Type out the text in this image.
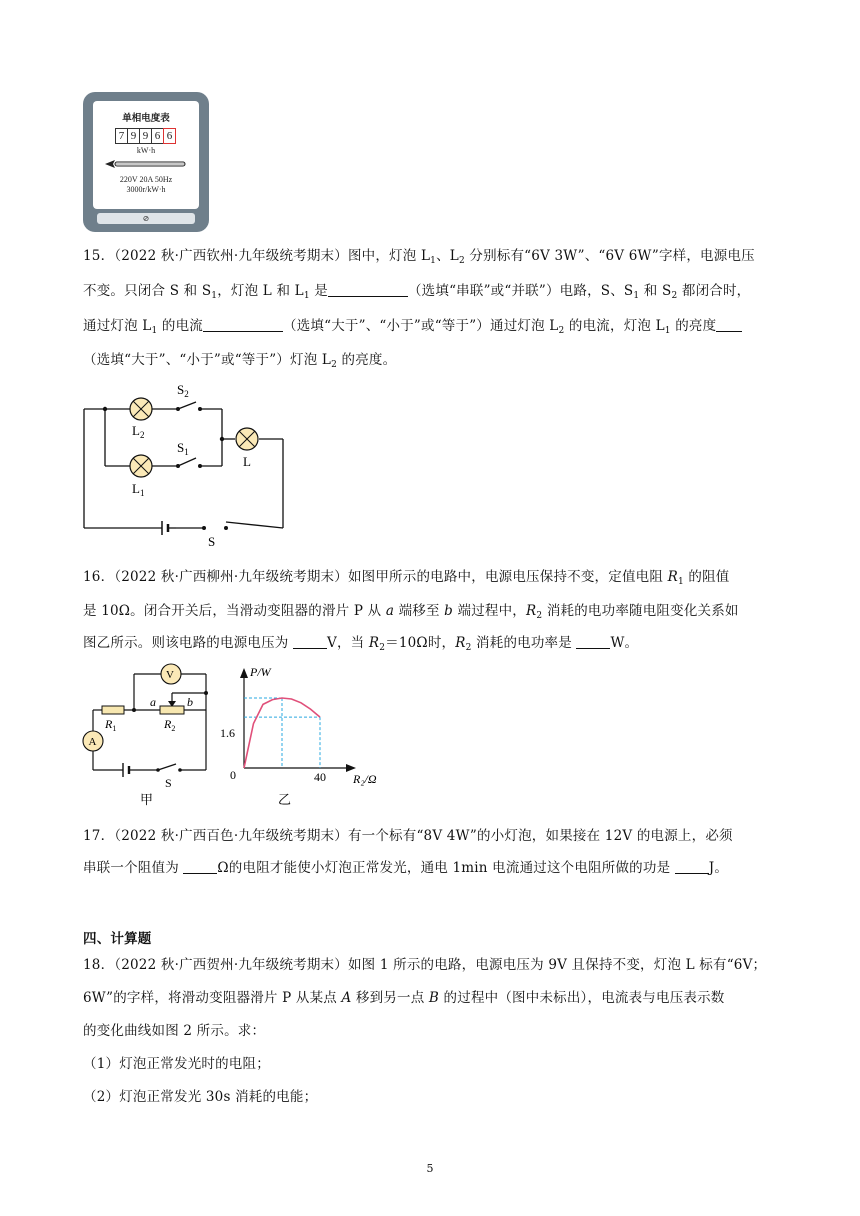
单相电度表
7 9 9 6 6
kW·h
220V 20A 50Hz
3000r/kW·h
⊘
15．（2022 秋·广西钦州·九年级统考期末）图中，灯泡 $L_1$、$L_2$ 分别标有“6V 3W”、“6V 6W”字样，电源电压
不变。只闭合 S 和 $S_1$，灯泡 L 和 $L_1$ 是	（选填“串联”或“并联”）电路，S、$S_1$ 和 $S_2$ 都闭合时，
通过灯泡 $L_1$ 的电流	（选填“大于”、“小于”或“等于”）通过灯泡 $L_2$ 的电流，灯泡 $L_1$ 的亮度
（选填“大于”、“小于”或“等于”）灯泡 $L_2$ 的亮度。
$S_2$
$S_1$
$L_2$
$L_1$
L
S
16．（2022 秋·广西柳州·九年级统考期末）如图甲所示的电路中，电源电压保持不变，定值电阻 $R_1$ 的阻值
是 10Ω。闭合开关后，当滑动变阻器的滑片 P 从 a 端移至 b 端过程中，$R_2$ 消耗的电功率随电阻变化关系如
图乙所示。则该电路的电源电压为	V，当 $R_2=10\Omega$时，$R_2$ 消耗的电功率是	W。
V
A
$R_1$	$R_2$
a	b
S
甲
P/W
R₂/Ω
0	40
1.6
乙
17．（2022 秋·广西百色·九年级统考期末）有一个标有“8V 4W”的小灯泡，如果接在 12V 的电源上，必须
串联一个阻值为	Ω的电阻才能使小灯泡正常发光，通电 1min 电流通过这个电阻所做的功是	J。
四、计算题
18．（2022 秋·广西贺州·九年级统考期末）如图 1 所示的电路，电源电压为 9V 且保持不变，灯泡 L 标有“6V；
6W”的字样，将滑动变阻器滑片 P 从某点 A 移到另一点 B 的过程中（图中未标出），电流表与电压表示数
的变化曲线如图 2 所示。求：
（1）灯泡正常发光时的电阻；
（2）灯泡正常发光 30s 消耗的电能；
5
